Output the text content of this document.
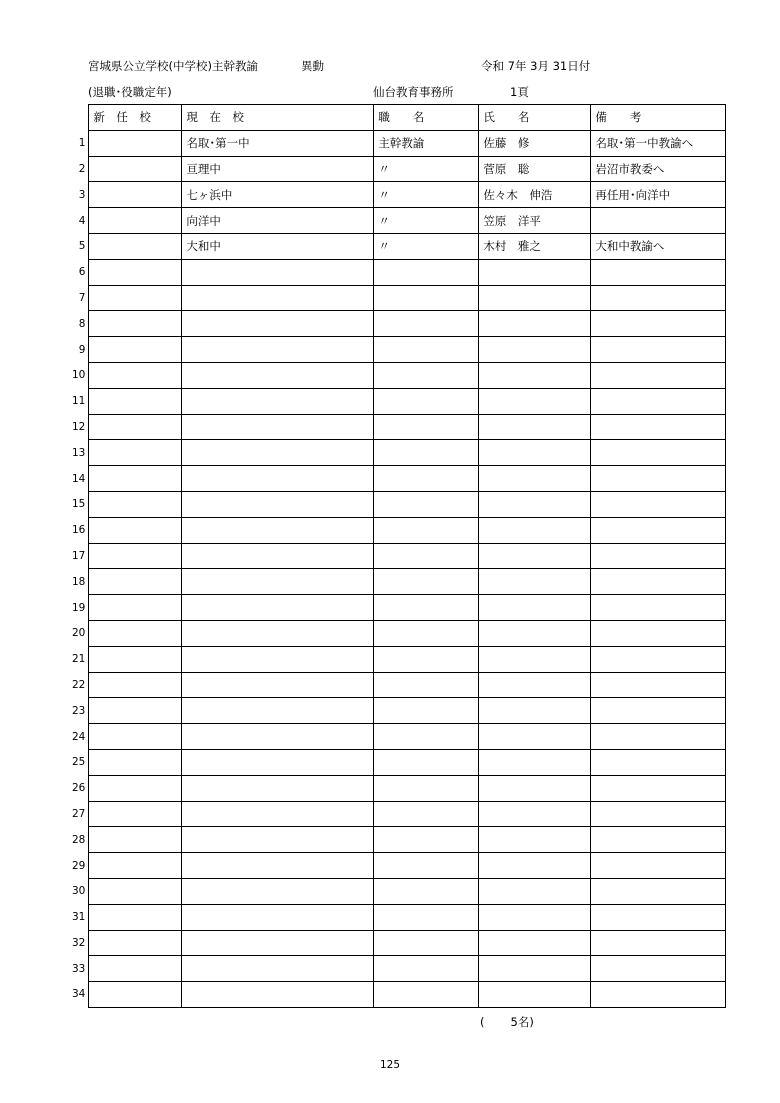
宮城県公立学校(中学校)主幹教諭	異動	令和 7年 3月 31日付
(退職･役職定年)	仙台教育事務所	1頁
	新　任　校	現　在　校	職　　名	氏　　名	備　　考
1		名取･第一中	主幹教諭	佐藤　修	名取･第一中教諭へ
2		亘理中	〃	菅原　聡	岩沼市教委へ
3		七ヶ浜中	〃	佐々木　伸浩	再任用･向洋中
4		向洋中	〃	笠原　洋平	
5		大和中	〃	木村　雅之	大和中教諭へ
6					
7					
8					
9					
10					
11					
12					
13					
14					
15					
16					
17					
18					
19					
20					
21					
22					
23					
24					
25					
26					
27					
28					
29					
30					
31					
32					
33					
34					
( 5名)
125
